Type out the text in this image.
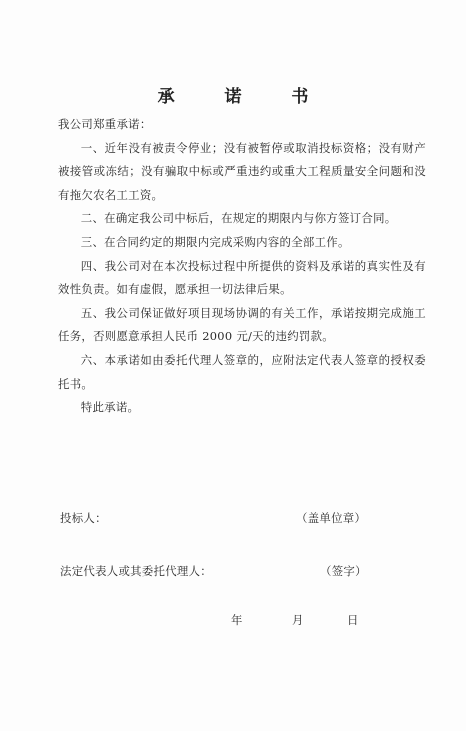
承 诺 书

我公司郑重承诺：

一、近年没有被责令停业；没有被暂停或取消投标资格；没有财产被接管或冻结；没有骗取中标或严重违约或重大工程质量安全问题和没有拖欠农名工工资。

二、在确定我公司中标后，在规定的期限内与你方签订合同。

三、在合同约定的期限内完成采购内容的全部工作。

四、我公司对在本次投标过程中所提供的资料及承诺的真实性及有效性负责。如有虚假，愿承担一切法律后果。

五、我公司保证做好项目现场协调的有关工作，承诺按期完成施工任务，否则愿意承担人民币 2000 元/天的违约罚款。

六、本承诺如由委托代理人签章的，应附法定代表人签章的授权委托书。

特此承诺。

投标人：	（盖单位章）
法定代表人或其委托代理人：	（签字）
年	月	日
